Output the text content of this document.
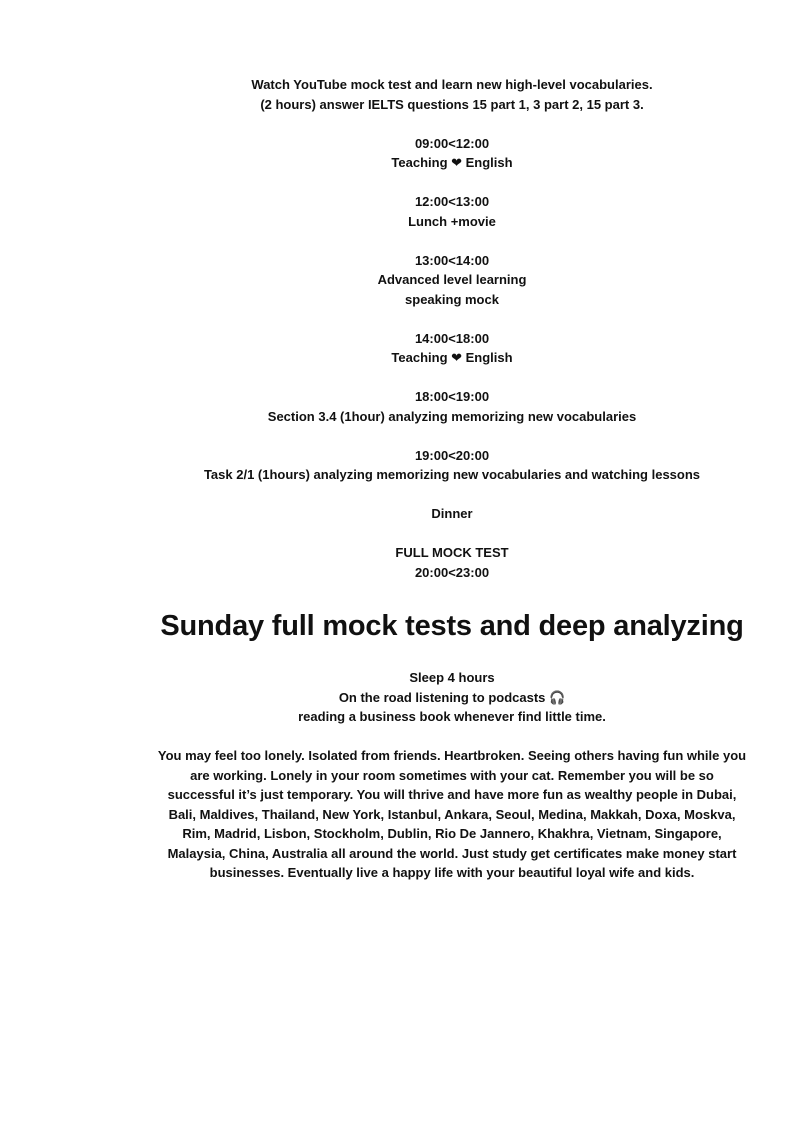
Watch YouTube mock test and learn new high-level vocabularies.

(2 hours) answer IELTS questions 15 part 1, 3 part 2, 15 part 3.

09:00<12:00

Teaching ❤ English

12:00<13:00

Lunch +movie

13:00<14:00

Advanced level learning

speaking mock

14:00<18:00

Teaching ❤ English

18:00<19:00

Section 3.4 (1hour) analyzing memorizing new vocabularies

19:00<20:00

Task 2/1 (1hours) analyzing memorizing new vocabularies and watching lessons

Dinner

FULL MOCK TEST

20:00<23:00

Sunday full mock tests and deep analyzing

Sleep 4 hours

On the road listening to podcasts 🎧

reading a business book whenever find little time.

You may feel too lonely. Isolated from friends. Heartbroken. Seeing others having fun while you are working. Lonely in your room sometimes with your cat. Remember you will be so successful it’s just temporary. You will thrive and have more fun as wealthy people in Dubai, Bali, Maldives, Thailand, New York, Istanbul, Ankara, Seoul, Medina, Makkah, Doxa, Moskva, Rim, Madrid, Lisbon, Stockholm, Dublin, Rio De Jannero, Khakhra, Vietnam, Singapore, Malaysia, China, Australia all around the world. Just study get certificates make money start businesses. Eventually live a happy life with your beautiful loyal wife and kids.
